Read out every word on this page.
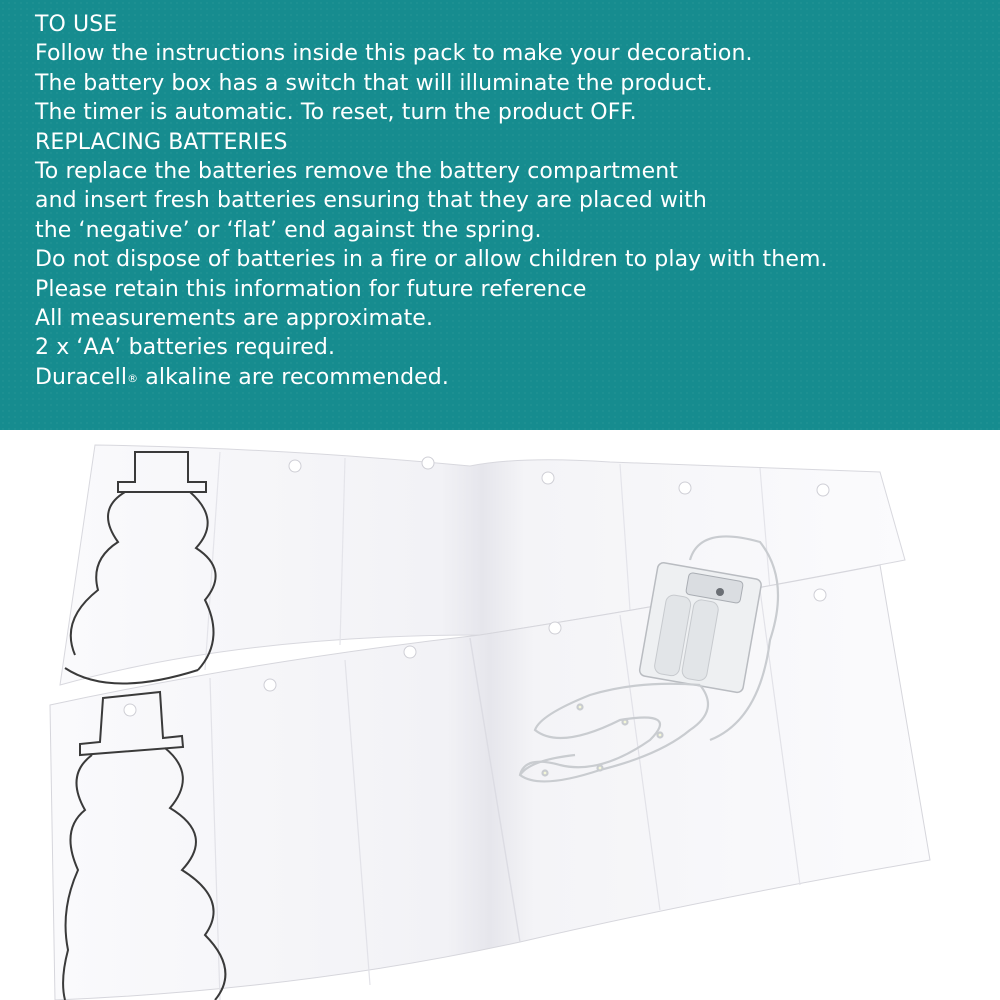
TO USE
Follow the instructions inside this pack to make your decoration.
The battery box has a switch that will illuminate the product.
The timer is automatic. To reset, turn the product OFF.
REPLACING BATTERIES
To replace the batteries remove the battery compartment
and insert fresh batteries ensuring that they are placed with
the ‘negative’ or ‘flat’ end against the spring.
Do not dispose of batteries in a fire or allow children to play with them.
Please retain this information for future reference
All measurements are approximate.
2 x ‘AA’ batteries required.
Duracell® alkaline are recommended.
